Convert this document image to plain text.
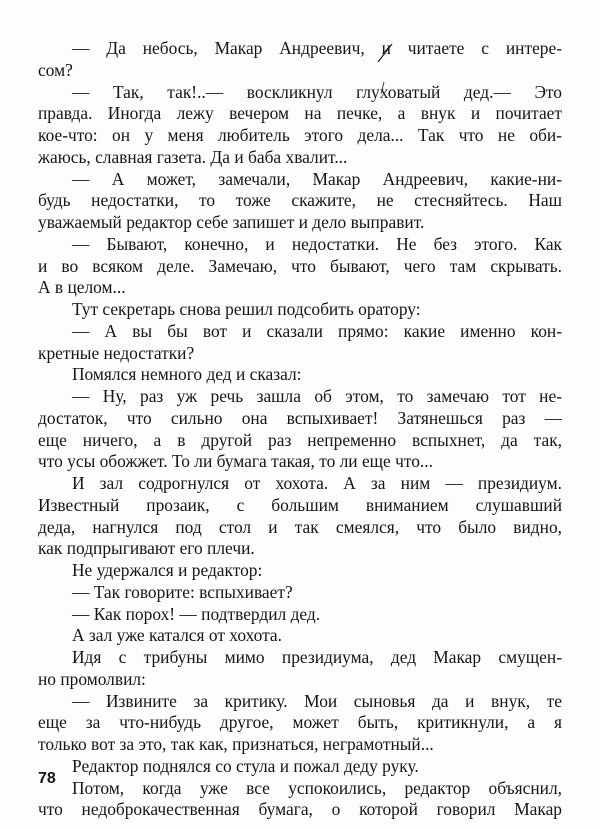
— Да небось, Макар Андреевич, и читаете с интере-
сом?
— Так, так!..— воскликнул глуховатый дед.— Это
правда. Иногда лежу вечером на печке, а внук и почитает
кое-что: он у меня любитель этого дела... Так что не оби-
жаюсь, славная газета. Да и баба хвалит...
— А может, замечали, Макар Андреевич, какие-ни-
будь недостатки, то тоже скажите, не стесняйтесь. Наш
уважаемый редактор себе запишет и дело выправит.
— Бывают, конечно, и недостатки. Не без этого. Как
и во всяком деле. Замечаю, что бывают, чего там скрывать.
А в целом...
Тут секретарь снова решил подсобить оратору:
— А вы бы вот и сказали прямо: какие именно кон-
кретные недостатки?
Помялся немного дед и сказал:
— Ну, раз уж речь зашла об этом, то замечаю тот не-
достаток, что сильно она вспыхивает! Затянешься раз —
еще ничего, а в другой раз непременно вспыхнет, да так,
что усы обожжет. То ли бумага такая, то ли еще что...
И зал содрогнулся от хохота. А за ним — президиум.
Известный прозаик, с большим вниманием слушавший
деда, нагнулся под стол и так смеялся, что было видно,
как подпрыгивают его плечи.
Не удержался и редактор:
— Так говорите: вспыхивает?
— Как порох! — подтвердил дед.
А зал уже катался от хохота.
Идя с трибуны мимо президиума, дед Макар смущен-
но промолвил:
— Извините за критику. Мои сыновья да и внук, те
еще за что-нибудь другое, может быть, критикнули, а я
только вот за это, так как, признаться, неграмотный...
Редактор поднялся со стула и пожал деду руку.
Потом, когда уже все успокоились, редактор объяснил,
что недоброкачественная бумага, о которой говорил Макар
78
